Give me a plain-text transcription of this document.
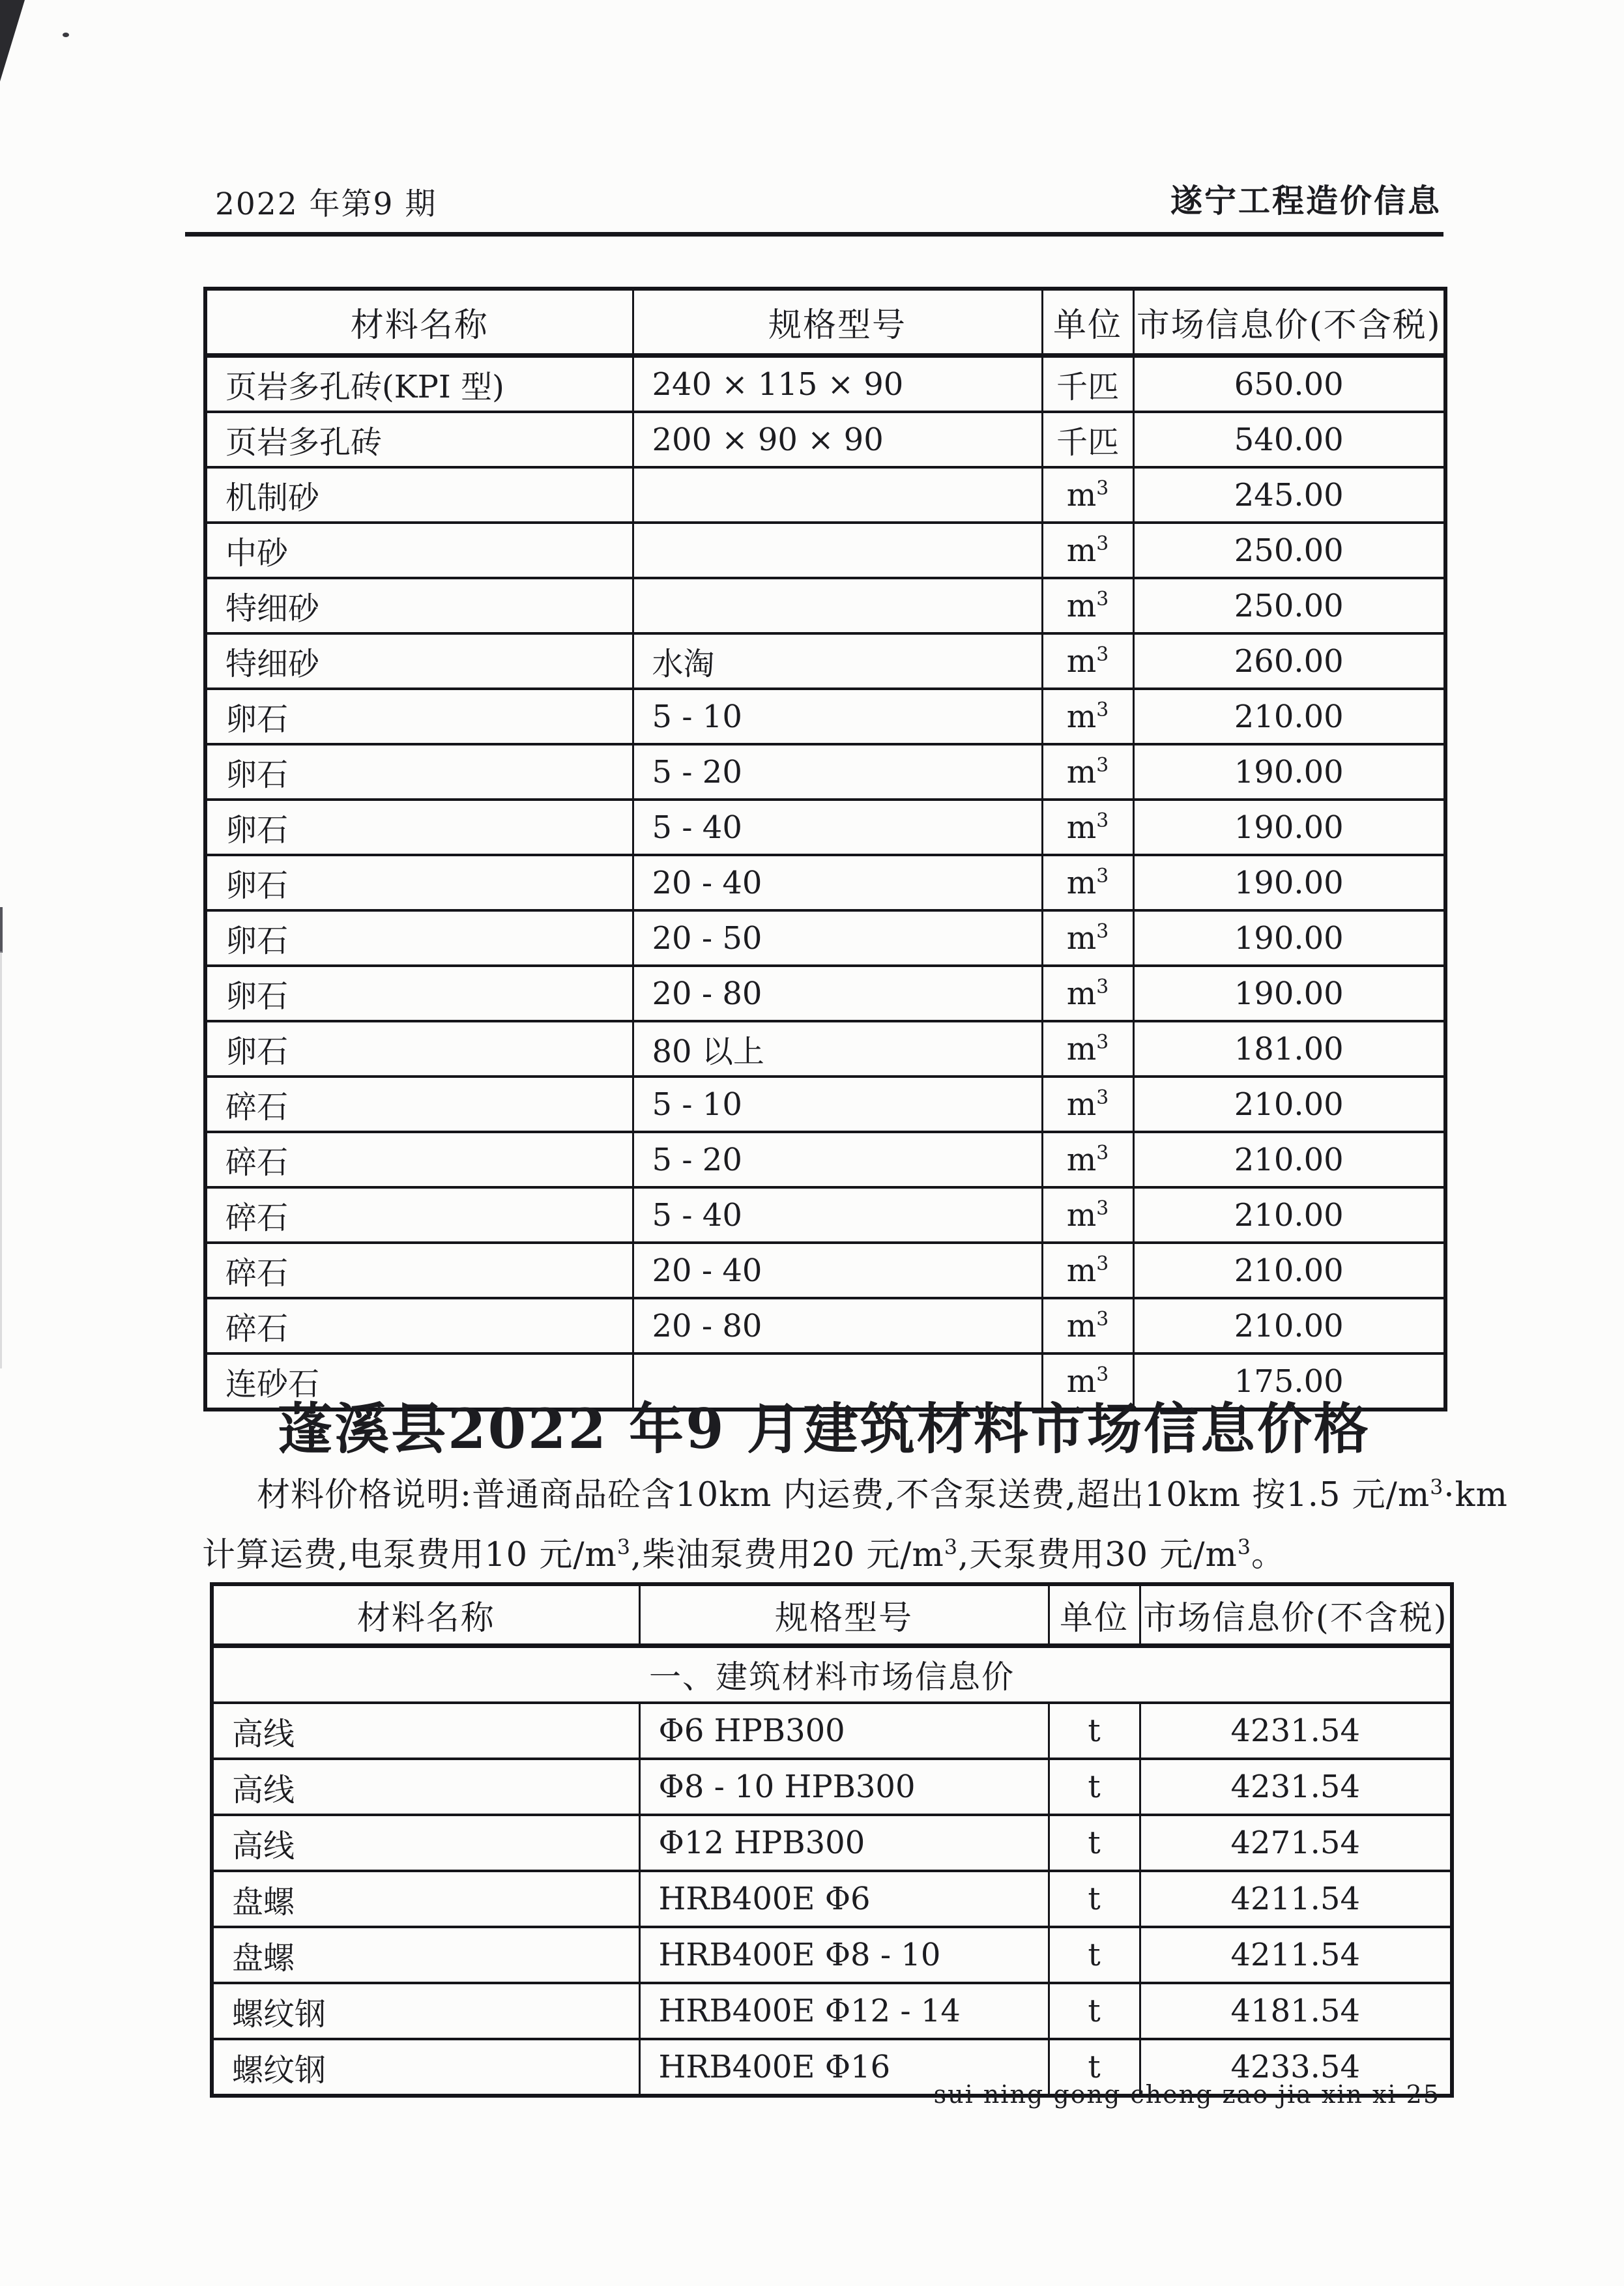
2022 年第9 期	遂宁工程造价信息
材料名称	规格型号	单位	市场信息价(不含税)
页岩多孔砖(KPI 型)	240 × 115 × 90	千匹	650.00
页岩多孔砖	200 × 90 × 90	千匹	540.00
机制砂		$m^3$	245.00
中砂		$m^3$	250.00
特细砂		$m^3$	250.00
特细砂	水淘	$m^3$	260.00
卵石	5 - 10	$m^3$	210.00
卵石	5 - 20	$m^3$	190.00
卵石	5 - 40	$m^3$	190.00
卵石	20 - 40	$m^3$	190.00
卵石	20 - 50	$m^3$	190.00
卵石	20 - 80	$m^3$	190.00
卵石	80 以上	$m^3$	181.00
碎石	5 - 10	$m^3$	210.00
碎石	5 - 20	$m^3$	210.00
碎石	5 - 40	$m^3$	210.00
碎石	20 - 40	$m^3$	210.00
碎石	20 - 80	$m^3$	210.00
连砂石		$m^3$	175.00
蓬溪县2022 年9 月建筑材料市场信息价格
材料价格说明:普通商品砼含10km 内运费,不含泵送费,超出10km 按1.5 元$/m^3\cdot km$
计算运费,电泵费用10 元$/m^3$,柴油泵费用20 元$/m^3$,天泵费用30 元$/m^3$。
材料名称	规格型号	单位	市场信息价(不含税)
一、建筑材料市场信息价			
高线	Φ6 HPB300	t	4231.54
高线	Φ8 - 10 HPB300	t	4231.54
高线	Φ12 HPB300	t	4271.54
盘螺	HRB400E Φ6	t	4211.54
盘螺	HRB400E Φ8 - 10	t	4211.54
螺纹钢	HRB400E Φ12 - 14	t	4181.54
螺纹钢	HRB400E Φ16	t	4233.54
sui ning gong cheng zao jia xin xi 25
